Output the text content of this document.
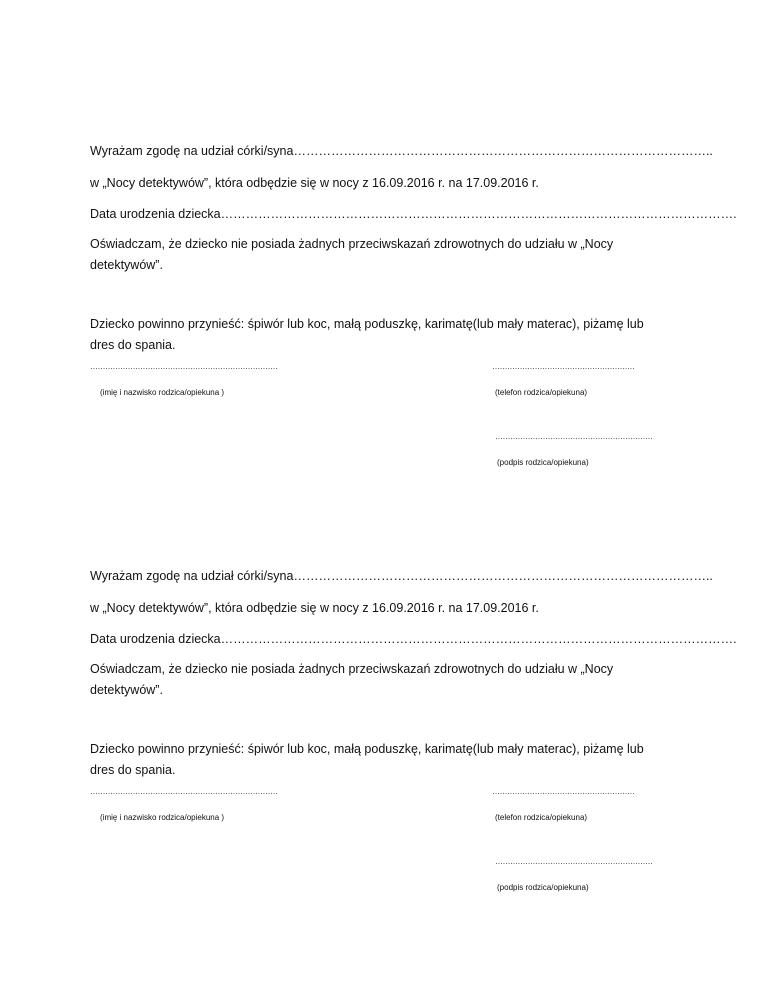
Wyrażam zgodę na udział córki/syna………………………………………………………………………………………..
w „Nocy detektywów”, która odbędzie się w nocy z 16.09.2016 r. na 17.09.2016 r.
Data urodzenia dziecka…………………………………………………………………………………………………………….
Oświadczam, że dziecko nie posiada żadnych przeciwskazań zdrowotnych do udziału w „Nocy detektywów”.
Dziecko powinno przynieść: śpiwór lub koc, małą poduszkę, karimatę(lub mały materac), piżamę lub dres do spania.
…………………………………………………………………	…………………………………………………
(imię i nazwisko rodzica/opiekuna )	(telefon rodzica/opiekuna)
………………………………………………………
(podpis rodzica/opiekuna)
Wyrażam zgodę na udział córki/syna………………………………………………………………………………………..
w „Nocy detektywów”, która odbędzie się w nocy z 16.09.2016 r. na 17.09.2016 r.
Data urodzenia dziecka…………………………………………………………………………………………………………….
Oświadczam, że dziecko nie posiada żadnych przeciwskazań zdrowotnych do udziału w „Nocy detektywów”.
Dziecko powinno przynieść: śpiwór lub koc, małą poduszkę, karimatę(lub mały materac), piżamę lub dres do spania.
…………………………………………………………………	…………………………………………………
(imię i nazwisko rodzica/opiekuna )	(telefon rodzica/opiekuna)
………………………………………………………
(podpis rodzica/opiekuna)
